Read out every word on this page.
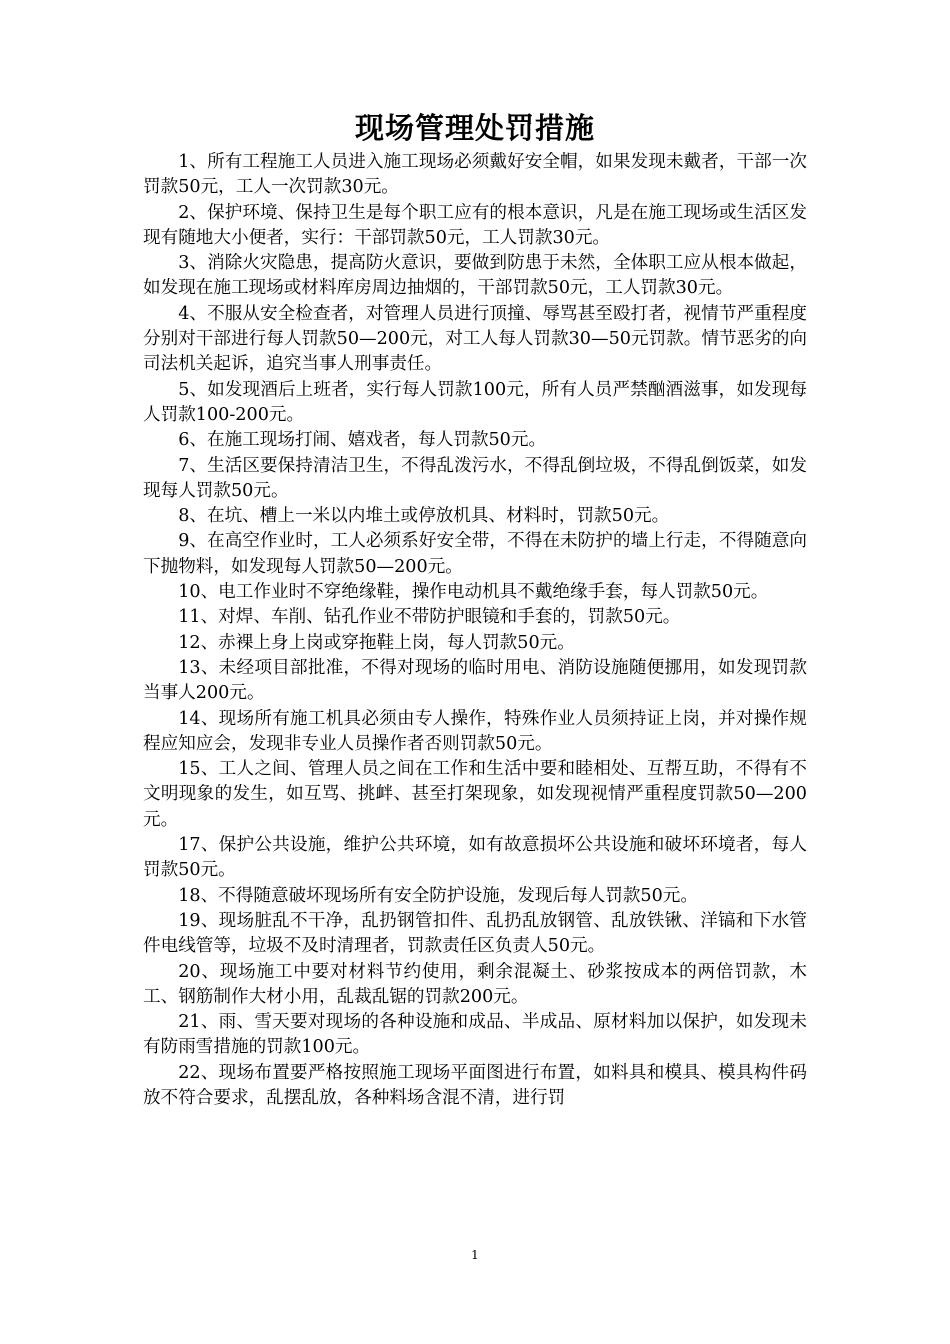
现场管理处罚措施

1、所有工程施工人员进入施工现场必须戴好安全帽，如果发现未戴者，干部一次罚款50元，工人一次罚款30元。

2、保护环境、保持卫生是每个职工应有的根本意识，凡是在施工现场或生活区发现有随地大小便者，实行：干部罚款50元，工人罚款30元。

3、消除火灾隐患，提高防火意识，要做到防患于未然，全体职工应从根本做起，如发现在施工现场或材料库房周边抽烟的，干部罚款50元，工人罚款30元。

4、不服从安全检查者，对管理人员进行顶撞、辱骂甚至殴打者，视情节严重程度分别对干部进行每人罚款50—200元，对工人每人罚款30—50元罚款。情节恶劣的向司法机关起诉，追究当事人刑事责任。

5、如发现酒后上班者，实行每人罚款100元，所有人员严禁酗酒滋事，如发现每人罚款100-200元。

6、在施工现场打闹、嬉戏者，每人罚款50元。

7、生活区要保持清洁卫生，不得乱泼污水，不得乱倒垃圾，不得乱倒饭菜，如发现每人罚款50元。

8、在坑、槽上一米以内堆土或停放机具、材料时，罚款50元。

9、在高空作业时，工人必须系好安全带，不得在未防护的墙上行走，不得随意向下抛物料，如发现每人罚款50—200元。

10、电工作业时不穿绝缘鞋，操作电动机具不戴绝缘手套，每人罚款50元。

11、对焊、车削、钻孔作业不带防护眼镜和手套的，罚款50元。

12、赤裸上身上岗或穿拖鞋上岗，每人罚款50元。

13、未经项目部批准，不得对现场的临时用电、消防设施随便挪用，如发现罚款当事人200元。

14、现场所有施工机具必须由专人操作，特殊作业人员须持证上岗，并对操作规程应知应会，发现非专业人员操作者否则罚款50元。

15、工人之间、管理人员之间在工作和生活中要和睦相处、互帮互助，不得有不文明现象的发生，如互骂、挑衅、甚至打架现象，如发现视情严重程度罚款50—200元。

17、保护公共设施，维护公共环境，如有故意损坏公共设施和破坏环境者，每人罚款50元。

18、不得随意破坏现场所有安全防护设施，发现后每人罚款50元。

19、现场脏乱不干净，乱扔钢管扣件、乱扔乱放钢管、乱放铁锹、洋镐和下水管件电线管等，垃圾不及时清理者，罚款责任区负责人50元。

20、现场施工中要对材料节约使用，剩余混凝土、砂浆按成本的两倍罚款，木工、钢筋制作大材小用，乱裁乱锯的罚款200元。

21、雨、雪天要对现场的各种设施和成品、半成品、原材料加以保护，如发现未有防雨雪措施的罚款100元。

22、现场布置要严格按照施工现场平面图进行布置，如料具和模具、模具构件码放不符合要求，乱摆乱放，各种料场含混不清，进行罚

1
